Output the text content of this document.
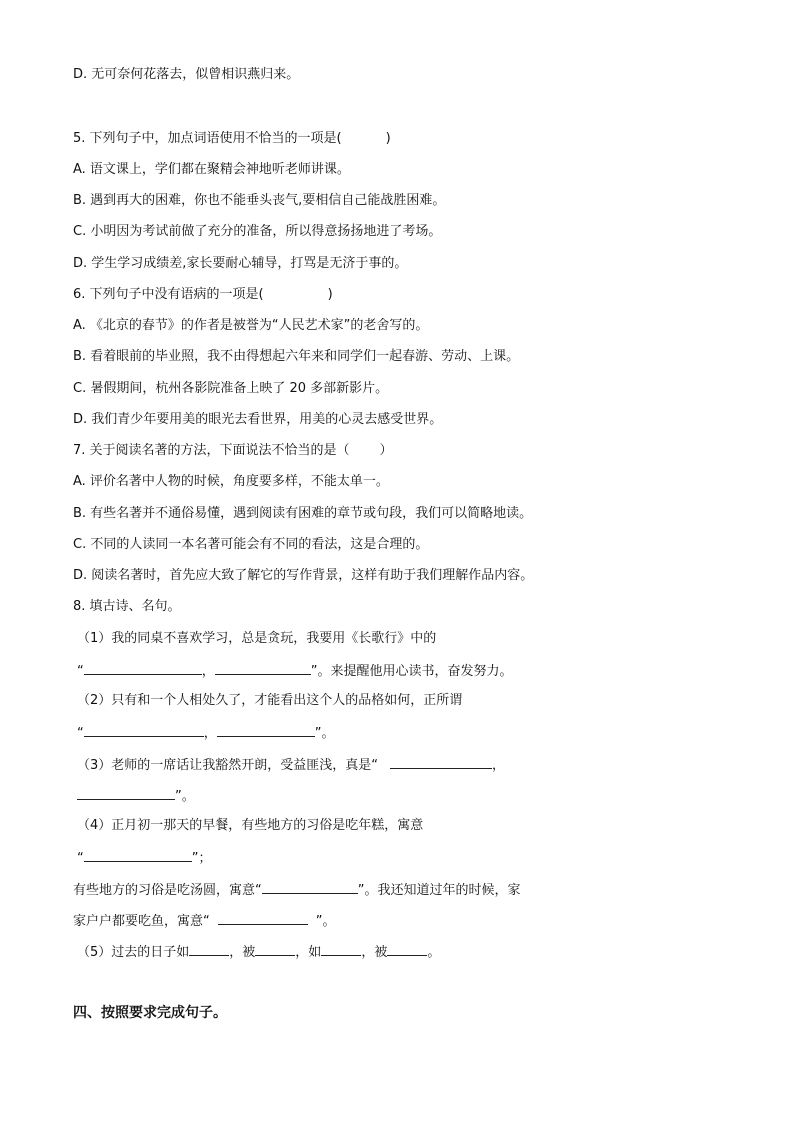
D. 无可奈何花落去，似曾相识燕归来。
5. 下列句子中，加点词语使用不恰当的一项是(	)
A. 语文课上，学们都在聚精会神地听老师讲课。
B. 遇到再大的困难，你也不能垂头丧气,要相信自己能战胜困难。
C. 小明因为考试前做了充分的准备，所以得意扬扬地进了考场。
D. 学生学习成绩差,家长要耐心辅导，打骂是无济于事的。
6. 下列句子中没有语病的一项是(	)
A. 《北京的春节》的作者是被誉为“人民艺术家”的老舍写的。
B. 看着眼前的毕业照，我不由得想起六年来和同学们一起春游、劳动、上课。
C. 暑假期间，杭州各影院准备上映了 20 多部新影片。
D. 我们青少年要用美的眼光去看世界，用美的心灵去感受世界。
7. 关于阅读名著的方法，下面说法不恰当的是（ ）
A. 评价名著中人物的时候，角度要多样，不能太单一。
B. 有些名著并不通俗易懂，遇到阅读有困难的章节或句段，我们可以简略地读。
C. 不同的人读同一本名著可能会有不同的看法，这是合理的。
D. 阅读名著时，首先应大致了解它的写作背景，这样有助于我们理解作品内容。
8. 填古诗、名句。
（1）我的同桌不喜欢学习，总是贪玩，我要用《长歌行》中的
“	，	”。来提醒他用心读书，奋发努力。
（2）只有和一个人相处久了，才能看出这个人的品格如何，正所谓
“	，	”。
（3）老师的一席话让我豁然开朗，受益匪浅，真是“	，
”。
（4）正月初一那天的早餐，有些地方的习俗是吃年糕，寓意
“	”；
有些地方的习俗是吃汤圆，寓意“	”。我还知道过年的时候，家
家户户都要吃鱼，寓意“	”。
（5）过去的日子如	，被	，如	，被	。
四、按照要求完成句子。
